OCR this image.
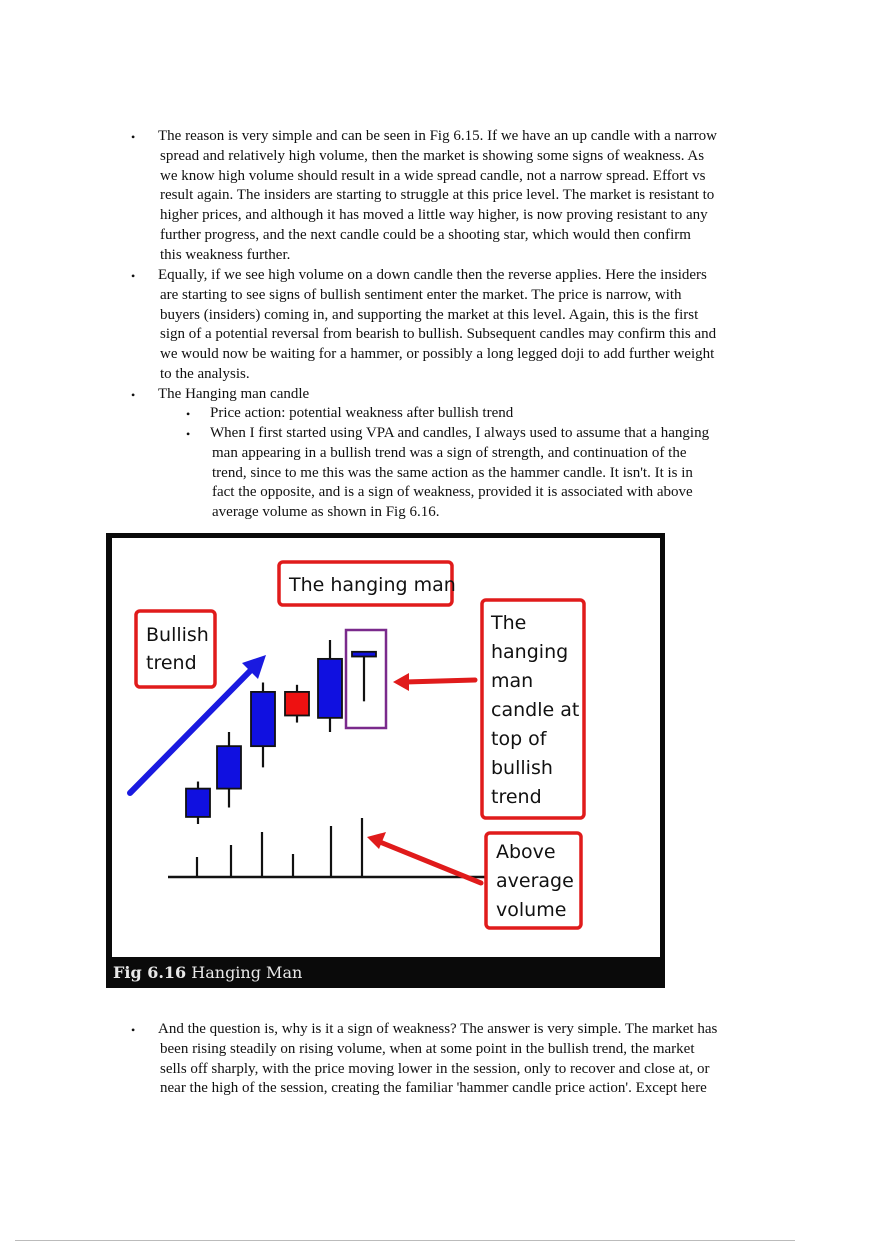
• The reason is very simple and can be seen in Fig 6.15. If we have an up candle with a narrow
spread and relatively high volume, then the market is showing some signs of weakness. As
we know high volume should result in a wide spread candle, not a narrow spread. Effort vs
result again. The insiders are starting to struggle at this price level. The market is resistant to
higher prices, and although it has moved a little way higher, is now proving resistant to any
further progress, and the next candle could be a shooting star, which would then confirm
this weakness further.
• Equally, if we see high volume on a down candle then the reverse applies. Here the insiders
are starting to see signs of bullish sentiment enter the market. The price is narrow, with
buyers (insiders) coming in, and supporting the market at this level. Again, this is the first
sign of a potential reversal from bearish to bullish. Subsequent candles may confirm this and
we would now be waiting for a hammer, or possibly a long legged doji to add further weight
to the analysis.
• The Hanging man candle
• Price action: potential weakness after bullish trend
• When I first started using VPA and candles, I always used to assume that a hanging
man appearing in a bullish trend was a sign of strength, and continuation of the
trend, since to me this was the same action as the hammer candle. It isn't. It is in
fact the opposite, and is a sign of weakness, provided it is associated with above
average volume as shown in Fig 6.16.
• And the question is, why is it a sign of weakness? The answer is very simple. The market has
been rising steadily on rising volume, when at some point in the bullish trend, the market
sells off sharply, with the price moving lower in the session, only to recover and close at, or
near the high of the session, creating the familiar 'hammer candle price action'. Except here
The hanging man
Bullish
trend
The
hanging
man
candle at
top of
bullish
trend
Above
average
volume
Fig 6.16 Hanging Man
